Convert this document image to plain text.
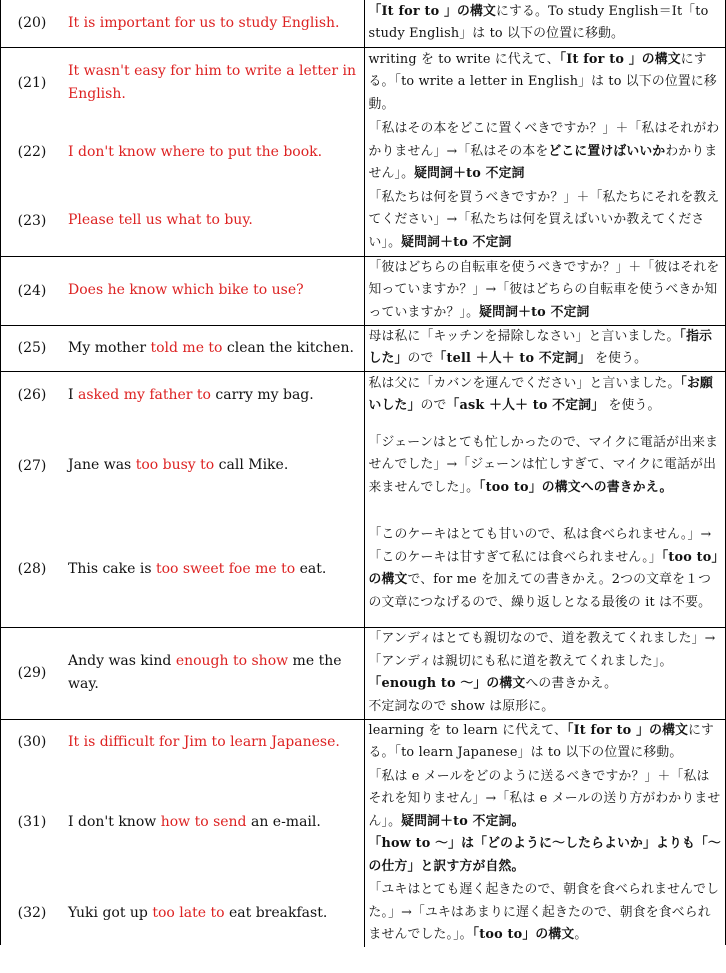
(20)	It is important for us to study English.	「It for to 」の構文にする。To study English＝It「to study English」は to 以下の位置に移動。
(21)	It wasn't easy for him to write a letter in English.	writing を to write に代えて、「It for to 」の構文にする。「to write a letter in English」は to 以下の位置に移動。
(22)	I don't know where to put the book.	「私はその本をどこに置くべきですか？」＋「私はそれがわかりません」→「私はその本をどこに置けばいいかわかりません」。疑問詞＋to 不定詞
(23)	Please tell us what to buy.	「私たちは何を買うべきですか？」＋「私たちにそれを教えてください」→「私たちは何を買えばいいか教えてください」。疑問詞＋to 不定詞
(24)	Does he know which bike to use?	「彼はどちらの自転車を使うべきですか？」＋「彼はそれを知っていますか？」→「彼はどちらの自転車を使うべきか知っていますか？」。疑問詞＋to 不定詞
(25)	My mother told me to clean the kitchen.	母は私に「キッチンを掃除しなさい」と言いました。「指示した」ので「tell ＋人＋ to 不定詞」 を使う。
(26)	I asked my father to carry my bag.	私は父に「カバンを運んでください」と言いました。「お願いした」ので「ask ＋人＋ to 不定詞」 を使う。
(27)	Jane was too busy to call Mike.	「ジェーンはとても忙しかったので、マイクに電話が出来ませんでした」→「ジェーンは忙しすぎて、マイクに電話が出来ませんでした」。「too to」の構文への書きかえ。
(28)	This cake is too sweet foe me to eat.	「このケーキはとても甘いので、私は食べられません。」→「このケーキは甘すぎて私には食べられません。」「too to」の構文で、for me を加えての書きかえ。2つの文章を１つの文章につなげるので、繰り返しとなる最後の it は不要。
(29)	Andy was kind enough to show me the way.	「アンディはとても親切なので、道を教えてくれました」→「アンディは親切にも私に道を教えてくれました」。「enough to 〜」の構文への書きかえ。
不定詞なので show は原形に。
(30)	It is difficult for Jim to learn Japanese.	learning を to learn に代えて、「It for to 」の構文にする。「to learn Japanese」は to 以下の位置に移動。
(31)	I don't know how to send an e-mail.	「私は e メールをどのように送るべきですか？」＋「私はそれを知りません」→「私は e メールの送り方がわかりません」。疑問詞＋to 不定詞。
「how to 〜」は「どのように〜したらよいか」よりも「〜の仕方」と訳す方が自然。
(32)	Yuki got up too late to eat breakfast.	「ユキはとても遅く起きたので、朝食を食べられませんでした。」→「ユキはあまりに遅く起きたので、朝食を食べられませんでした。」。「too to」の構文。
